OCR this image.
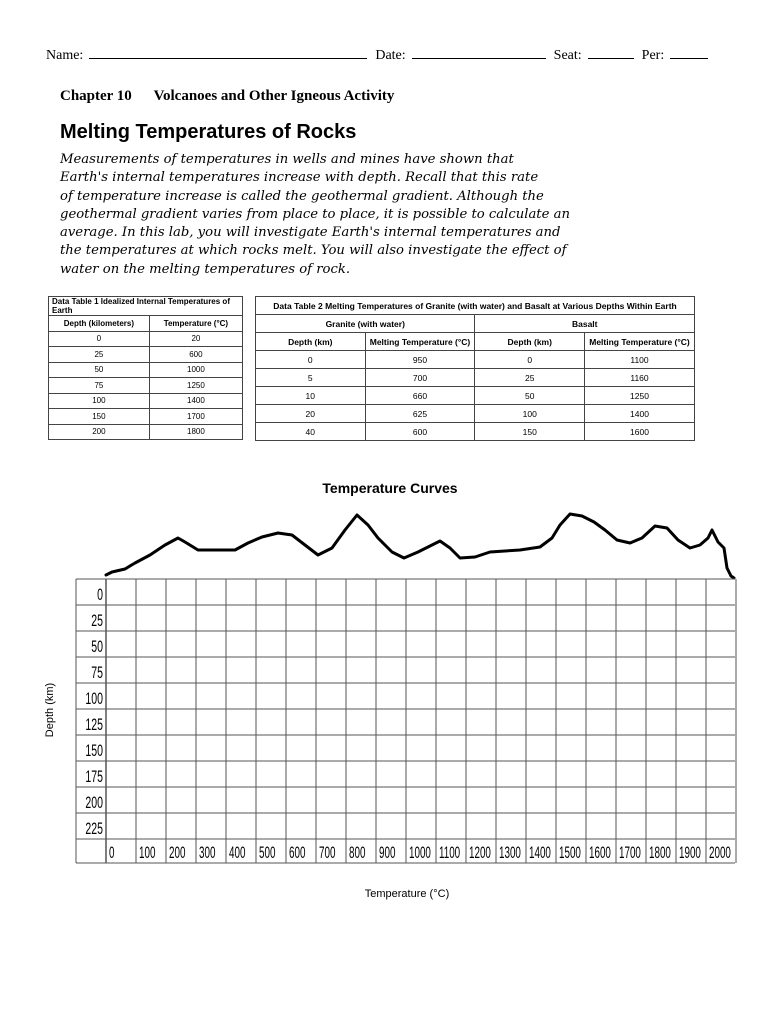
Name:	Date:	Seat:	Per:
Chapter 10 Volcanoes and Other Igneous Activity
Melting Temperatures of Rocks
Measurements of temperatures in wells and mines have shown that
Earth's internal temperatures increase with depth. Recall that this rate
of temperature increase is called the geothermal gradient. Although the
geothermal gradient varies from place to place, it is possible to calculate an
average. In this lab, you will investigate Earth's internal temperatures and
the temperatures at which rocks melt. You will also investigate the effect of
water on the melting temperatures of rock.
Data Table 1 Idealized Internal Temperatures of Earth	
Depth (kilometers)	Temperature (°C)
0	20
25	600
50	1000
75	1250
100	1400
150	1700
200	1800
Data Table 2 Melting Temperatures of Granite (with water) and Basalt at Various Depths Within Earth			
Granite (with water)		Basalt	
Depth (km)	Melting Temperature (°C)	Depth (km)	Melting Temperature (°C)
0	950	0	1100
5	700	25	1160
10	660	50	1250
20	625	100	1400
40	600	150	1600
Temperature Curves
0
25
50
75
100
125
150
175
200
225
0 100 200 300 400 500 600 700 800 900 1000 1100 1200 1300 1400 1500 1600 1700 1800 1900 2000
Depth (km)
Temperature (°C)
